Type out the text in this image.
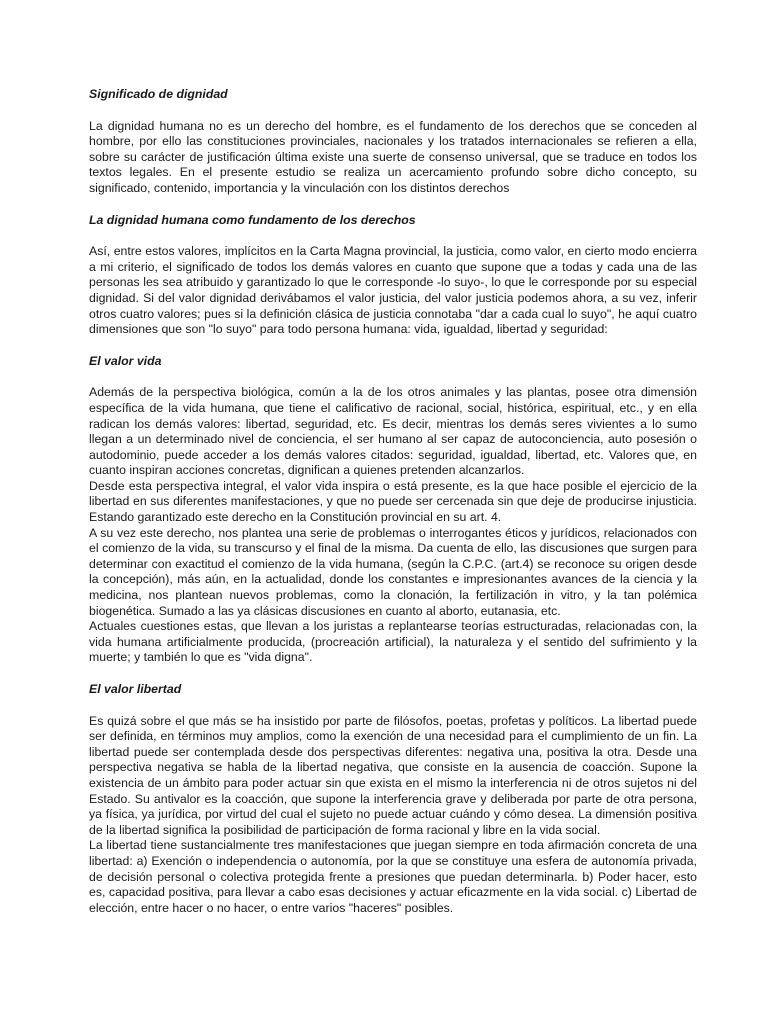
Significado de dignidad

La dignidad humana no es un derecho del hombre, es el fundamento de los derechos que se conceden al hombre, por ello las constituciones provinciales, nacionales y los tratados internacionales se refieren a ella, sobre su carácter de justificación última existe una suerte de consenso universal, que se traduce en todos los textos legales. En el presente estudio se realiza un acercamiento profundo sobre dicho concepto, su significado, contenido, importancia y la vinculación con los distintos derechos

La dignidad humana como fundamento de los derechos

Así, entre estos valores, implícitos en la Carta Magna provincial, la justicia, como valor, en cierto modo encierra a mi criterio, el significado de todos los demás valores en cuanto que supone que a todas y cada una de las personas les sea atribuido y garantizado lo que le corresponde -lo suyo-, lo que le corresponde por su especial dignidad. Si del valor dignidad derivábamos el valor justicia, del valor justicia podemos ahora, a su vez, inferir otros cuatro valores; pues si la definición clásica de justicia connotaba "dar a cada cual lo suyo", he aquí cuatro dimensiones que son "lo suyo" para todo persona humana: vida, igualdad, libertad y seguridad:

El valor vida

Además de la perspectiva biológica, común a la de los otros animales y las plantas, posee otra dimensión específica de la vida humana, que tiene el calificativo de racional, social, histórica, espiritual, etc., y en ella radican los demás valores: libertad, seguridad, etc. Es decir, mientras los demás seres vivientes a lo sumo llegan a un determinado nivel de conciencia, el ser humano al ser capaz de autoconciencia, auto posesión o autodominio, puede acceder a los demás valores citados: seguridad, igualdad, libertad, etc. Valores que, en cuanto inspiran acciones concretas, dignifican a quienes pretenden alcanzarlos.

Desde esta perspectiva integral, el valor vida inspira o está presente, es la que hace posible el ejercicio de la libertad en sus diferentes manifestaciones, y que no puede ser cercenada sin que deje de producirse injusticia. Estando garantizado este derecho en la Constitución provincial en su art. 4.

A su vez este derecho, nos plantea una serie de problemas o interrogantes éticos y jurídicos, relacionados con el comienzo de la vida, su transcurso y el final de la misma. Da cuenta de ello, las discusiones que surgen para determinar con exactitud el comienzo de la vida humana, (según la C.P.C. (art.4) se reconoce su origen desde la concepción), más aún, en la actualidad, donde los constantes e impresionantes avances de la ciencia y la medicina, nos plantean nuevos problemas, como la clonación, la fertilización in vitro, y la tan polémica biogenética. Sumado a las ya clásicas discusiones en cuanto al aborto, eutanasia, etc.

Actuales cuestiones estas, que llevan a los juristas a replantearse teorías estructuradas, relacionadas con, la vida humana artificialmente producida, (procreación artificial), la naturaleza y el sentido del sufrimiento y la muerte; y también lo que es "vida digna".

El valor libertad

Es quizá sobre el que más se ha insistido por parte de filósofos, poetas, profetas y políticos. La libertad puede ser definida, en términos muy amplios, como la exención de una necesidad para el cumplimiento de un fin. La libertad puede ser contemplada desde dos perspectivas diferentes: negativa una, positiva la otra. Desde una perspectiva negativa se habla de la libertad negativa, que consiste en la ausencia de coacción. Supone la existencia de un ámbito para poder actuar sin que exista en el mismo la interferencia ni de otros sujetos ni del Estado. Su antivalor es la coacción, que supone la interferencia grave y deliberada por parte de otra persona, ya física, ya jurídica, por virtud del cual el sujeto no puede actuar cuándo y cómo desea. La dimensión positiva de la libertad significa la posibilidad de participación de forma racional y libre en la vida social.

La libertad tiene sustancialmente tres manifestaciones que juegan siempre en toda afirmación concreta de una libertad: a) Exención o independencia o autonomía, por la que se constituye una esfera de autonomía privada, de decisión personal o colectiva protegida frente a presiones que puedan determinarla. b) Poder hacer, esto es, capacidad positiva, para llevar a cabo esas decisiones y actuar eficazmente en la vida social. c) Libertad de elección, entre hacer o no hacer, o entre varios "haceres" posibles.
